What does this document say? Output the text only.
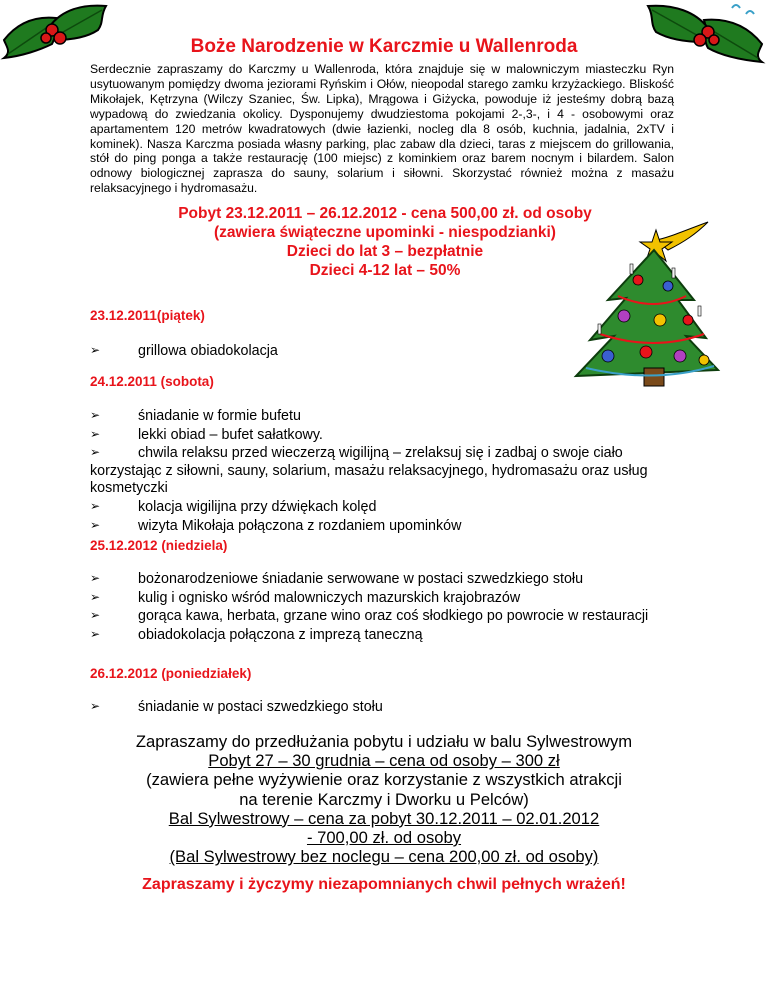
Boże Narodzenie w Karczmie u Wallenroda

Serdecznie zapraszamy do Karczmy u Wallenroda, która znajduje się w malowniczym miasteczku Ryn usytuowanym pomiędzy dwoma jeziorami Ryńskim i Ołów, nieopodal starego zamku krzyżackiego. Bliskość Mikołajek, Kętrzyna (Wilczy Szaniec, Św. Lipka), Mrągowa i Giżycka, powoduje iż jesteśmy dobrą bazą wypadową do zwiedzania okolicy. Dysponujemy dwudziestoma pokojami 2-,3-, i 4 - osobowymi oraz apartamentem 120 metrów kwadratowych (dwie łazienki, nocleg dla 8 osób, kuchnia, jadalnia, 2xTV i kominek). Nasza Karczma posiada własny parking, plac zabaw dla dzieci, taras z miejscem do grillowania, stół do ping ponga a także restaurację (100 miejsc) z kominkiem oraz barem nocnym i bilardem. Salon odnowy biologicznej zaprasza do sauny, solarium i siłowni. Skorzystać również można z masażu relaksacyjnego i hydromasażu.

Pobyt 23.12.2011 – 26.12.2012 - cena 500,00 zł. od osoby
(zawiera świąteczne upominki - niespodzianki)
Dzieci do lat 3 – bezpłatnie
Dzieci 4-12 lat – 50%

23.12.2011(piątek)

➢	grillowa obiadokolacja

24.12.2011 (sobota)

➢	śniadanie w formie bufetu
➢	lekki obiad – bufet sałatkowy.
➢	chwila relaksu przed wieczerzą wigilijną – zrelaksuj się i zadbaj o swoje ciało korzystając z siłowni, sauny, solarium, masażu relaksacyjnego, hydromasażu oraz usług kosmetyczki
➢	kolacja wigilijna przy dźwiękach kolęd
➢	wizyta Mikołaja połączona z rozdaniem upominków

25.12.2012 (niedziela)

➢	bożonarodzeniowe śniadanie serwowane w postaci szwedzkiego stołu
➢	kulig i ognisko wśród malowniczych mazurskich krajobrazów
➢	gorąca kawa, herbata, grzane wino oraz coś słodkiego po powrocie w restauracji
➢	obiadokolacja połączona z imprezą taneczną

26.12.2012 (poniedziałek)

➢	śniadanie w postaci szwedzkiego stołu
Zapraszamy do przedłużania pobytu i udziału w balu Sylwestrowym
Pobyt 27 – 30 grudnia – cena od osoby – 300 zł
(zawiera pełne wyżywienie oraz korzystanie z wszystkich atrakcji
na terenie Karczmy i Dworku u Pelców)
Bal Sylwestrowy – cena za pobyt 30.12.2011 – 02.01.2012
- 700,00 zł. od osoby
(Bal Sylwestrowy bez noclegu – cena 200,00 zł. od osoby)

Zapraszamy i życzymy niezapomnianych chwil pełnych wrażeń!
